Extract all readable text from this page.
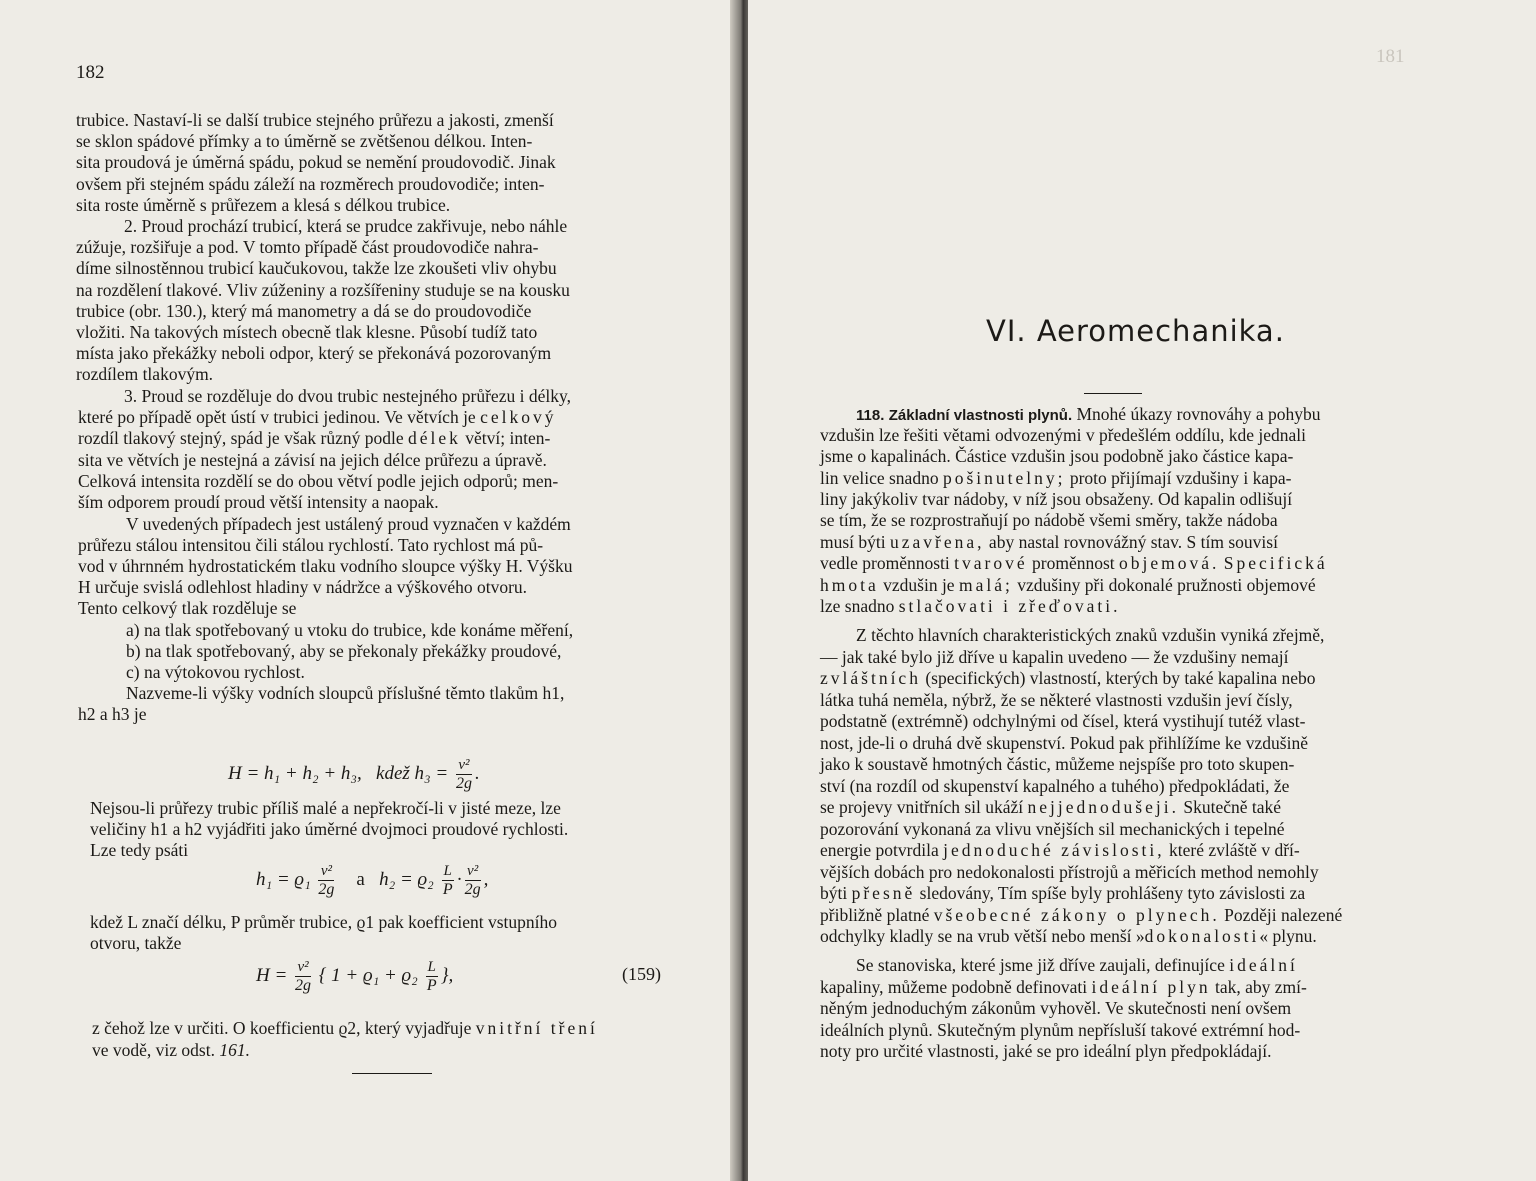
182
trubice. Nastaví-li se další trubice stejného průřezu a jakosti, zmenší
se sklon spádové přímky a to úměrně se zvětšenou délkou. Inten-
sita proudová je úměrná spádu, pokud se nemění proudovodič. Jinak
ovšem při stejném spádu záleží na rozměrech proudovodiče; inten-
sita roste úměrně s průřezem a klesá s délkou trubice.
2. Proud prochází trubicí, která se prudce zakřivuje, nebo náhle
zúžuje, rozšiřuje a pod. V tomto případě část proudovodiče nahra-
díme silnostěnnou trubicí kaučukovou, takže lze zkoušeti vliv ohybu
na rozdělení tlakové. Vliv zúženiny a rozšířeniny studuje se na kousku
trubice (obr. 130.), který má manometry a dá se do proudovodiče
vložiti. Na takových místech obecně tlak klesne. Působí tudíž tato
místa jako překážky neboli odpor, který se překonává pozorovaným
rozdílem tlakovým.
3. Proud se rozděluje do dvou trubic nestejného průřezu i délky,
které po případě opět ústí v trubici jedinou. Ve větvích je celkový
rozdíl tlakový stejný, spád je však různý podle délek větví; inten-
sita ve větvích je nestejná a závisí na jejich délce průřezu a úpravě.
Celková intensita rozdělí se do obou větví podle jejich odporů; men-
ším odporem proudí proud větší intensity a naopak.
V uvedených případech jest ustálený proud vyznačen v každém
průřezu stálou intensitou čili stálou rychlostí. Tato rychlost má pů-
vod v úhrnném hydrostatickém tlaku vodního sloupce výšky H. Výšku
H určuje svislá odlehlost hladiny v nádržce a výškového otvoru.
Tento celkový tlak rozděluje se
a) na tlak spotřebovaný u vtoku do trubice, kde konáme měření,
b) na tlak spotřebovaný, aby se překonaly překážky proudové,
c) na výtokovou rychlost.
Nazveme-li výšky vodních sloupců příslušné těmto tlakům h1,
h2 a h3 je
H = h₁ + h₂ + h₃, kdež $h_3 = \frac{\text{v²}}{2g}$ .
Nejsou-li průřezy trubic příliš malé a nepřekročí-li v jisté meze, lze
veličiny h1 a h2 vyjádřiti jako úměrné dvojmoci proudové rychlosti.
Lze tedy psáti
$h_1 = ϱ_1 \frac{\text{v²}}{2g}$ a $h_2 = ϱ_2 \frac{L}{P} \cdot \frac{\text{v²}}{2g}$ ,
kdež L značí délku, P průměr trubice, ϱ1 pak koefficient vstupního
otvoru, takže
$H = \frac{\text{v²}}{2g}$ { $1 + ϱ_1 + ϱ_2 \frac{L}{P}$ },	(159)
z čehož lze v určiti. O koefficientu ϱ2, který vyjadřuje vnitřní tření
ve vodě, viz odst. 161.
181
VI. Aeromechanika.
118. Základní vlastnosti plynů. Mnohé úkazy rovnováhy a pohybu
vzdušin lze řešiti větami odvozenými v předešlém oddílu, kde jednali
jsme o kapalinách. Částice vzdušin jsou podobně jako částice kapa-
lin velice snadno pošinutelny; proto přijímají vzdušiny i kapa-
liny jakýkoliv tvar nádoby, v níž jsou obsaženy. Od kapalin odlišují
se tím, že se rozprostraňují po nádobě všemi směry, takže nádoba
musí býti uzavřena, aby nastal rovnovážný stav. S tím souvisí
vedle proměnnosti tvarové proměnnost objemová. Specifická
hmota vzdušin je malá; vzdušiny při dokonalé pružnosti objemové
lze snadno stlačovati i zřeďovati.
Z těchto hlavních charakteristických znaků vzdušin vyniká zřejmě,
— jak také bylo již dříve u kapalin uvedeno — že vzdušiny nemají
zvláštních (specifických) vlastností, kterých by také kapalina nebo
látka tuhá neměla, nýbrž, že se některé vlastnosti vzdušin jeví čísly,
podstatně (extrémně) odchylnými od čísel, která vystihují tutéž vlast-
nost, jde-li o druhá dvě skupenství. Pokud pak přihlížíme ke vzdušině
jako k soustavě hmotných částic, můžeme nejspíše pro toto skupen-
ství (na rozdíl od skupenství kapalného a tuhého) předpokládati, že
se projevy vnitřních sil ukáží nejjednodušeji. Skutečně také
pozorování vykonaná za vlivu vnějších sil mechanických i tepelné
energie potvrdila jednoduché závislosti, které zvláště v dří-
vějších dobách pro nedokonalosti přístrojů a měřicích method nemohly
býti přesně sledovány, Tím spíše byly prohlášeny tyto závislosti za
přibližně platné všeobecné zákony o plynech. Později nalezené
odchylky kladly se na vrub větší nebo menší »dokonalosti« plynu.
Se stanoviska, které jsme již dříve zaujali, definujíce ideální
kapaliny, můžeme podobně definovati ideální plyn tak, aby zmí-
něným jednoduchým zákonům vyhověl. Ve skutečnosti není ovšem
ideálních plynů. Skutečným plynům nepřísluší takové extrémní hod-
noty pro určité vlastnosti, jaké se pro ideální plyn předpokládají.
